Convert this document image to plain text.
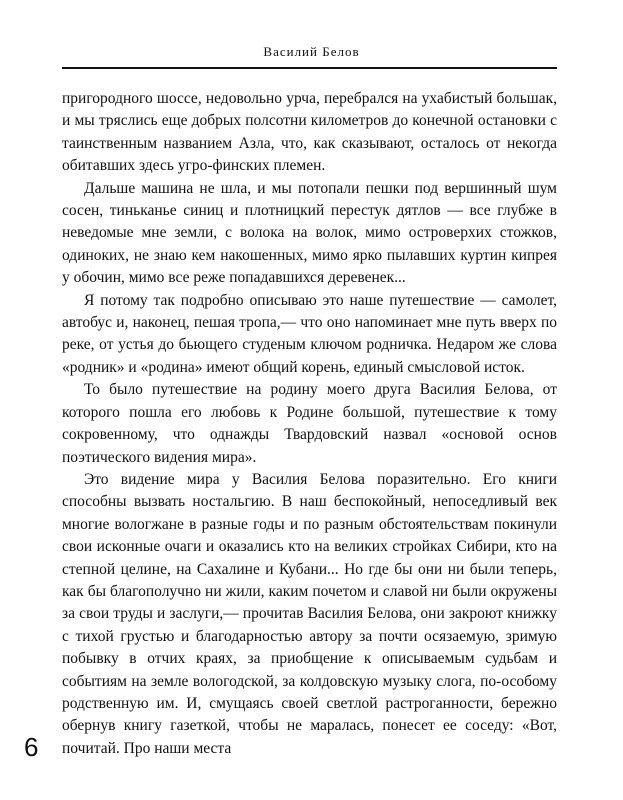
Василий Белов

пригородного шоссе, недовольно урча, перебрался на ухабистый большак, и мы тряслись еще добрых полсотни километров до конечной остановки с таинственным названием Азла, что, как сказывают, осталось от некогда обитавших здесь угро-финских племен.

Дальше машина не шла, и мы потопали пешки под вершинный шум сосен, тиньканье синиц и плотницкий перестук дятлов — все глубже в неведомые мне земли, с волока на волок, мимо островерхих стожков, одиноких, не знаю кем накошенных, мимо ярко пылавших куртин кипрея у обочин, мимо все реже попадавшихся деревенек...

Я потому так подробно описываю это наше путешествие — самолет, автобус и, наконец, пешая тропа,— что оно напоминает мне путь вверх по реке, от устья до бьющего студеным ключом родничка. Недаром же слова «родник» и «родина» имеют общий корень, единый смысловой исток.

То было путешествие на родину моего друга Василия Белова, от которого пошла его любовь к Родине большой, путешествие к тому сокровенному, что однажды Твардовский назвал «основой основ поэтического видения мира».

Это видение мира у Василия Белова поразительно. Его книги способны вызвать ностальгию. В наш беспокойный, непоседливый век многие вологжане в разные годы и по разным обстоятельствам покинули свои исконные очаги и оказались кто на великих стройках Сибири, кто на степной целине, на Сахалине и Кубани... Но где бы они ни были теперь, как бы благополучно ни жили, каким почетом и славой ни были окружены за свои труды и заслуги,— прочитав Василия Белова, они закроют книжку с тихой грустью и благодарностью автору за почти осязаемую, зримую побывку в отчих краях, за приобщение к описываемым судьбам и событиям на земле вологодской, за колдовскую музыку слога, по-особому родственную им. И, смущаясь своей светлой растроганности, бережно обернув книгу газеткой, чтобы не маралась, понесет ее соседу: «Вот, почитай. Про наши места

6
